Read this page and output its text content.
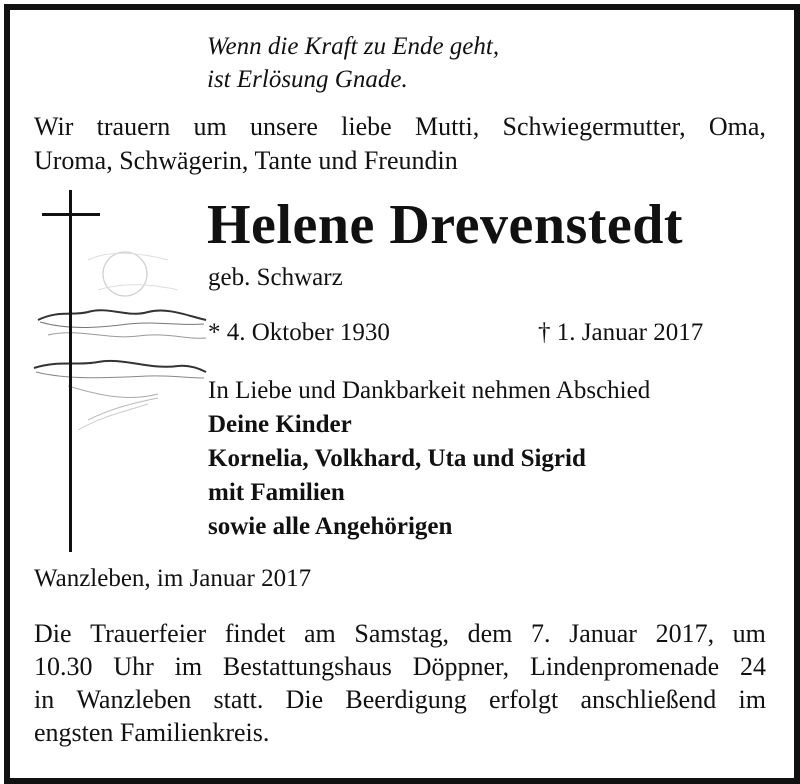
Wenn die Kraft zu Ende geht,
ist Erlösung Gnade.
Wir trauern um unsere liebe Mutti, Schwiegermutter, Oma,
Uroma, Schwägerin, Tante und Freundin
Helene Drevenstedt
geb. Schwarz
* 4. Oktober 1930	† 1. Januar 2017
In Liebe und Dankbarkeit nehmen Abschied
Deine Kinder
Kornelia, Volkhard, Uta und Sigrid
mit Familien
sowie alle Angehörigen
Wanzleben, im Januar 2017
Die Trauerfeier findet am Samstag, dem 7. Januar 2017, um
10.30 Uhr im Bestattungshaus Döppner, Lindenpromenade 24
in Wanzleben statt. Die Beerdigung erfolgt anschließend im
engsten Familienkreis.
